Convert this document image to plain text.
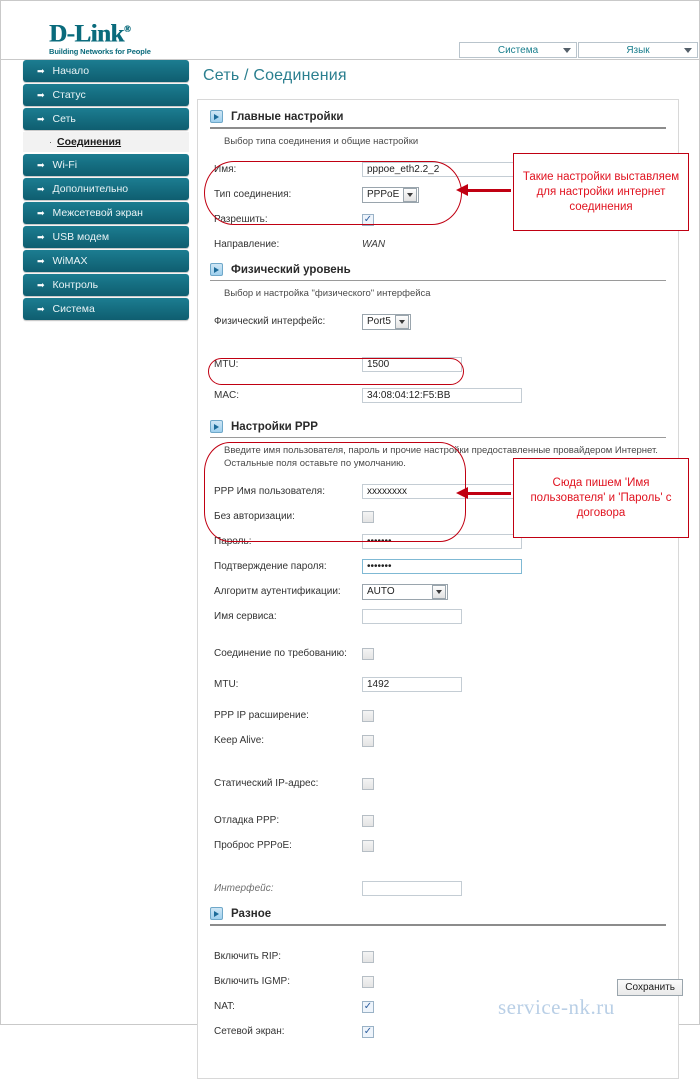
D-Link®
Building Networks for People	Система	Язык
➡ Начало
➡ Статус
➡ Сеть
· Соединения
➡ Wi-Fi
➡ Дополнительно
➡ Межсетевой экран
➡ USB модем
➡ WiMAX
➡ Контроль
➡ Система
Сеть / Соединения
Главные настройки
Выбор типа соединения и общие настройки
Имя:
pppoe_eth2.2_2
Тип соединения:	PPPoE
Разрешить:
✓
Направление:	WAN
Физический уровень
Выбор и настройка "физического" интерфейса
Физический интерфейс:	Port5
MTU:
1500
MAC:
34:08:04:12:F5:BB
Настройки PPP
Введите имя пользователя, пароль и прочие настройки предоставленные провайдером Интернет.
Остальные поля оставьте по умолчанию.
PPP Имя пользователя:
xxxxxxxx
Без авторизации:
Пароль:
•••••••
Подтверждение пароля:
•••••••
Алгоритм аутентификации:	AUTO
Имя сервиса:
Соединение по требованию:
MTU:
1492
PPP IP расширение:
Keep Alive:
Статический IP-адрес:
Отладка PPP:
Проброс PPPoE:
Интерфейс:
Разное
Включить RIP:
Включить IGMP:
NAT:
✓
Сетевой экран:
✓
Сохранить
service-nk.ru
Такие настройки выставляем для настройки интернет соединения
Сюда пишем 'Имя пользователя' и 'Пароль' с договора
